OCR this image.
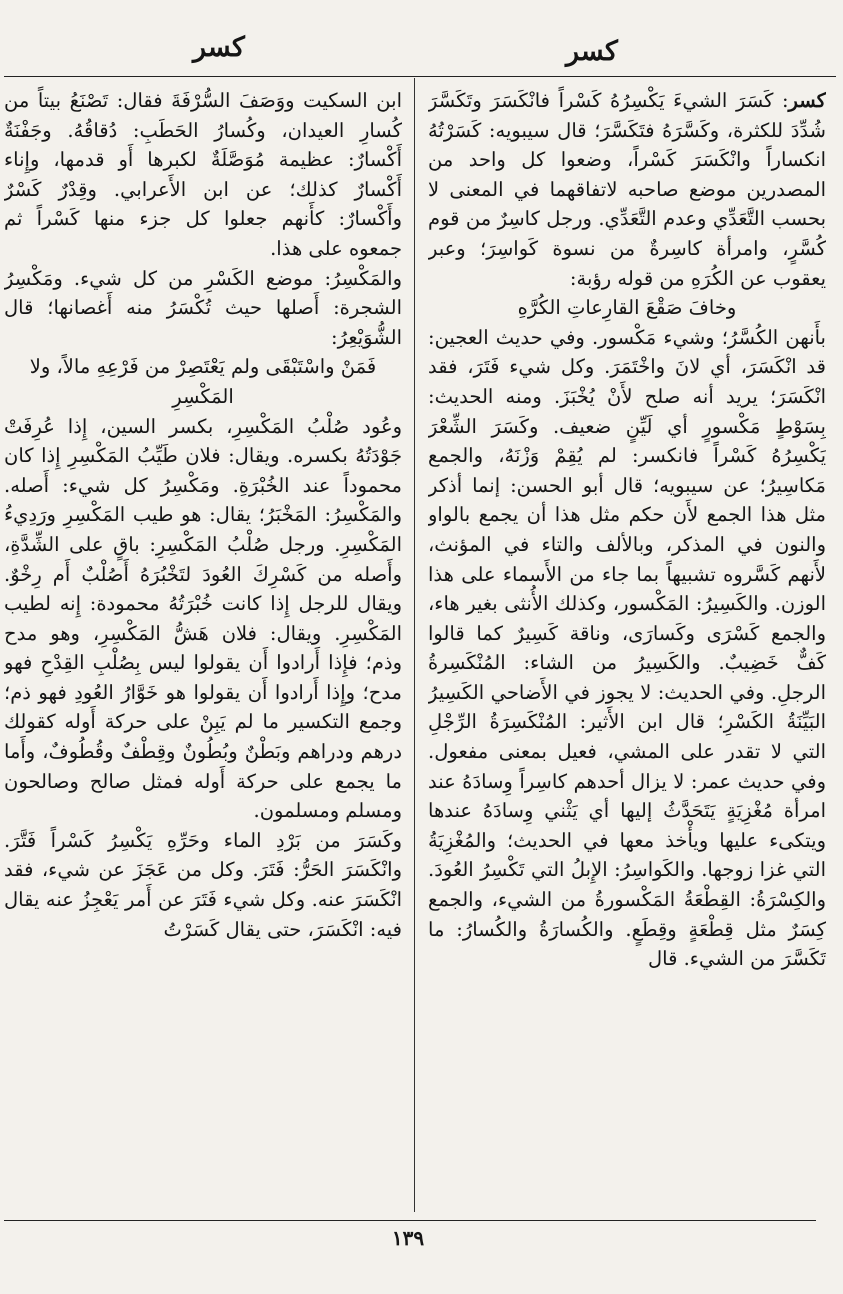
كسر
كسر

كسر: كَسَرَ الشيءَ يَكْسِرُهُ كَسْراً فانْكَسَرَ وتَكَسَّرَ شُدِّدَ للكثرة، وكَسَّرَهُ فتَكَسَّرَ؛ قال سيبويه: كَسَرْتُهُ انكساراً وانْكَسَرَ كَسْراً، وضعوا كل واحد من المصدرين موضع صاحبه لاتفاقهما في المعنى لا بحسب التَّعَدِّي وعدم التَّعَدِّي. ورجل كاسِرٌ من قوم كُسَّرٍ، وامرأة كاسِرةٌ من نسوة كَواسِرَ؛ وعبر يعقوب عن الكُرَهِ من قوله رؤبة:

وخافَ صَقْعَ القارِعاتِ الكُرَّهِ

بأَنهن الكُسَّرُ؛ وشيء مَكْسور. وفي حديث العجين: قد انْكَسَرَ، أي لانَ واخْتَمَرَ. وكل شيء فَتَرَ، فقد انْكَسَرَ؛ يريد أنه صلح لأَنْ يُخْبَزَ. ومنه الحديث: بِسَوْطٍ مَكْسورٍ أي لَيِّنٍ ضعيف. وكَسَرَ الشِّعْرَ يَكْسِرُهُ كَسْراً فانكسر: لم يُقِمْ وَزْنَهُ، والجمع مَكاسِيرُ؛ عن سيبويه؛ قال أبو الحسن: إنما أذكر مثل هذا الجمع لأَن حكم مثل هذا أن يجمع بالواو والنون في المذكر، وبالألف والتاء في المؤنث، لأَنهم كَسَّروه تشبيهاً بما جاء من الأَسماء على هذا الوزن. والكَسِيرُ: المَكْسور، وكذلك الأُنثى بغير هاء، والجمع كَسْرَى وكَسارَى، وناقة كَسِيرٌ كما قالوا كَفٌّ خَضِيبٌ. والكَسِيرُ من الشاء: المُنْكَسِرةُ الرجلِ. وفي الحديث: لا يجوز في الأَضاحي الكَسِيرُ البَيِّنَةُ الكَسْرِ؛ قال ابن الأَثير: المُنْكَسِرَةُ الرِّجْلِ التي لا تقدر على المشي، فعيل بمعنى مفعول. وفي حديث عمر: لا يزال أحدهم كاسِراً وِسادَهُ عند امرأة مُغْزِيَةٍ يَتَحَدَّثُ إليها أي يَثْني وِسادَهُ عندها ويتكىء عليها ويأْخذ معها في الحديث؛ والمُغْزِيَةُ التي غزا زوجها. والكَواسِرُ: الإِبلُ التي تَكْسِرُ العُودَ. والكِسْرَةُ: القِطْعَةُ المَكْسورةُ من الشيء، والجمع كِسَرٌ مثل قِطْعَةٍ وقِطَعٍ. والكُسارَةُ والكُسارُ: ما تَكَسَّرَ من الشيء. قال

ابن السكيت ووَصَفَ السُّرْفَةَ فقال: تَصْنَعُ بيتاً من كُسارِ العيدان، وكُسارُ الحَطَبِ: دُقاقُهُ. وجَفْنَةٌ أَكْسارٌ: عظيمة مُوَصَّلَةٌ لكبرها أَو قدمها، وإِناء أَكْسارٌ كذلك؛ عن ابن الأَعرابي. وقِدْرٌ كَسْرٌ وأَكْسارٌ: كأَنهم جعلوا كل جزء منها كَسْراً ثم جمعوه على هذا.

والمَكْسِرُ: موضع الكَسْرِ من كل شيء. ومَكْسِرُ الشجرة: أَصلها حيث تُكْسَرُ منه أَغصانها؛ قال الشُّوَيْعِرُ:

فَمَنْ واسْتَبْقَى ولم يَعْتَصِرْ من فَرْعِهِ مالاً، ولا المَكْسِرِ

وعُود صُلْبُ المَكْسِرِ، بكسر السين، إِذا عُرِفَتْ جَوْدَتُهُ بكسره. ويقال: فلان طَيِّبُ المَكْسِرِ إِذا كان محموداً عند الخُبْرَةِ. ومَكْسِرُ كل شيء: أَصله. والمَكْسِرُ: المَخْبَرُ؛ يقال: هو طيب المَكْسِرِ ورَدِيءُ المَكْسِرِ. ورجل صُلْبُ المَكْسِرِ: باقٍ على الشِّدَّةِ، وأَصله من كَسْرِكَ العُودَ لتَخْبُرَهُ أَصُلْبٌ أَم رِخْوٌ. ويقال للرجل إِذا كانت خُبْرَتُهُ محمودة: إِنه لطيب المَكْسِرِ. ويقال: فلان هَشُّ المَكْسِرِ، وهو مدح وذم؛ فإِذا أَرادوا أَن يقولوا ليس بِصُلْبِ القِدْحِ فهو مدح؛ وإِذا أَرادوا أَن يقولوا هو خَوَّارُ العُودِ فهو ذم؛ وجمع التكسير ما لم يَبِنْ على حركة أَوله كقولك درهم ودراهم وبَطْنٌ وبُطُونٌ وقِطْفٌ وقُطُوفٌ، وأَما ما يجمع على حركة أَوله فمثل صالح وصالحون ومسلم ومسلمون.

وكَسَرَ من بَرْدِ الماء وحَرِّهِ يَكْسِرُ كَسْراً فَتَّرَ. وانْكَسَرَ الحَرُّ: فَتَرَ. وكل من عَجَزَ عن شيء، فقد انْكَسَرَ عنه. وكل شيء فَتَرَ عن أَمر يَعْجِزُ عنه يقال فيه: انْكَسَرَ، حتى يقال كَسَرْتُ

١٣٩
